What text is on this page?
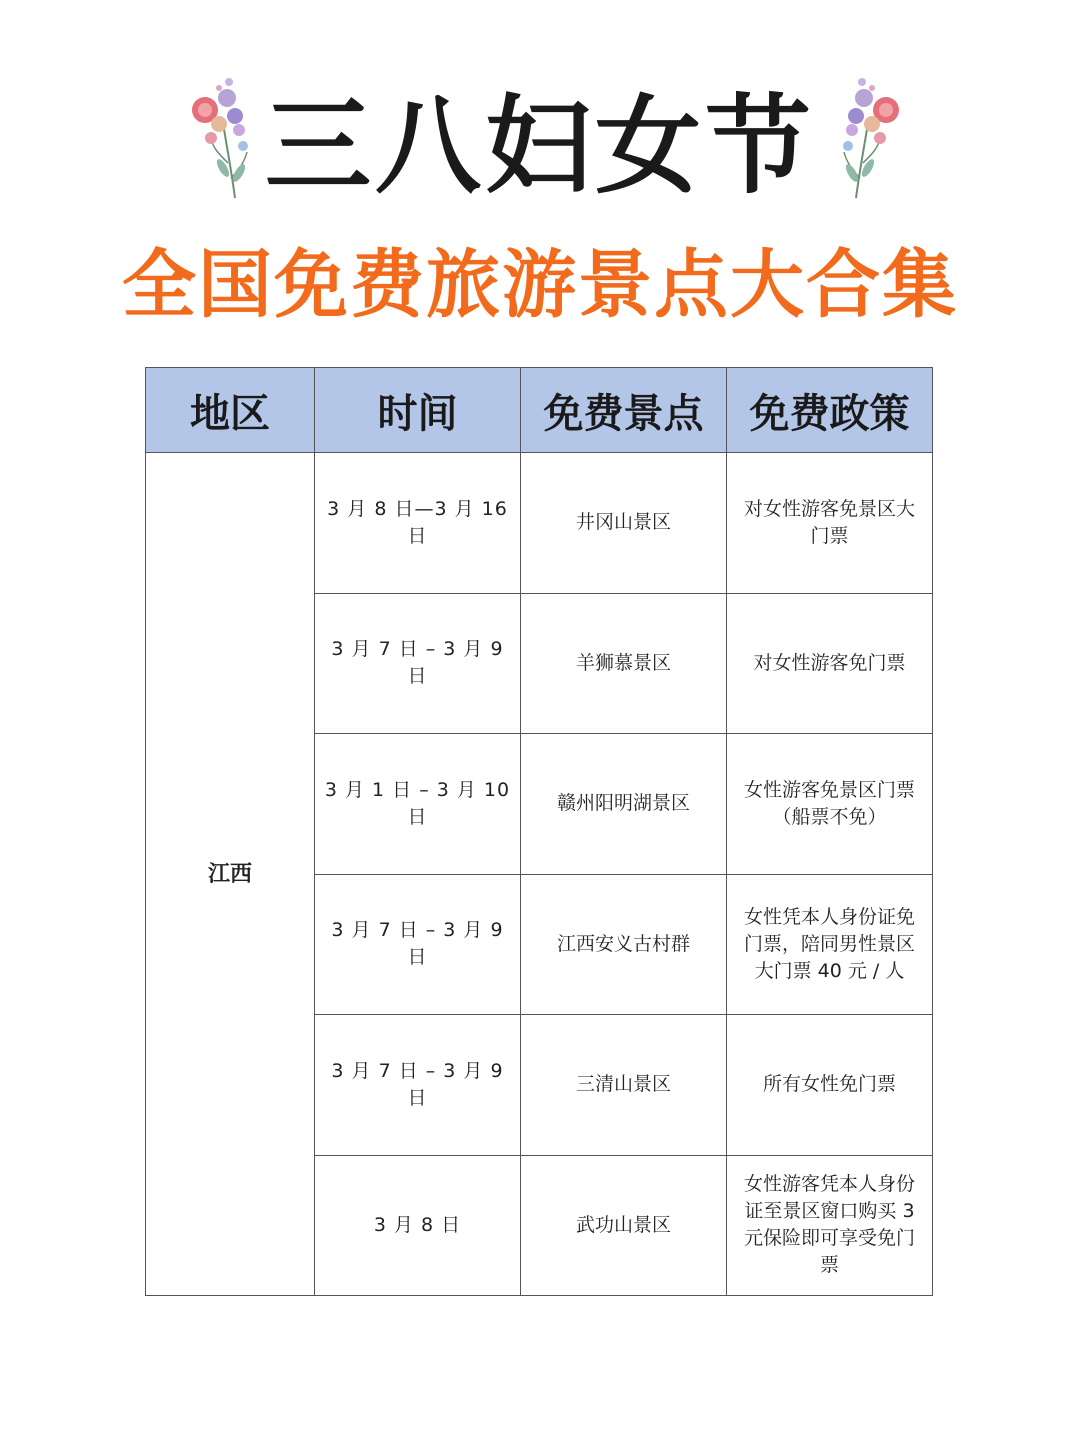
三八妇女节
全国免费旅游景点大合集
地区	时间	免费景点	免费政策
江西	3 月 8 日—3 月 16 日	井冈山景区	对女性游客免景区大门票
	3 月 7 日 – 3 月 9 日	羊狮慕景区	对女性游客免门票
	3 月 1 日 – 3 月 10 日	赣州阳明湖景区	女性游客免景区门票（船票不免）
	3 月 7 日 – 3 月 9 日	江西安义古村群	女性凭本人身份证免门票，陪同男性景区大门票 40 元 / 人
	3 月 7 日 – 3 月 9 日	三清山景区	所有女性免门票
	3 月 8 日	武功山景区	女性游客凭本人身份证至景区窗口购买 3 元保险即可享受免门票
